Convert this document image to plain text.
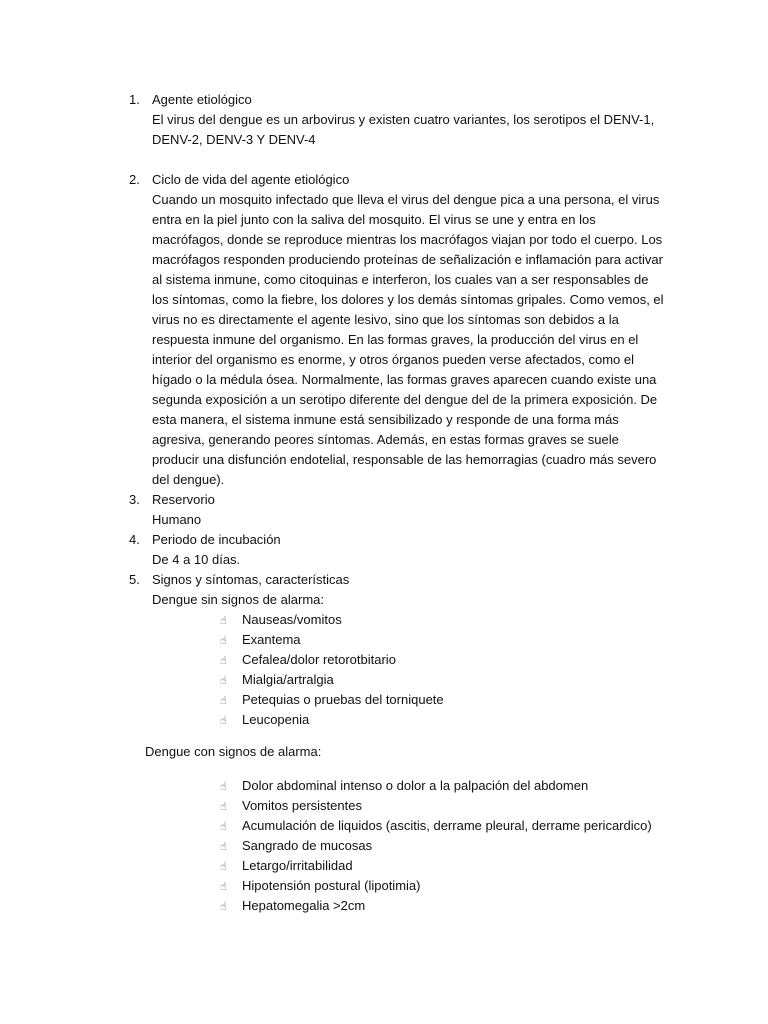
1. Agente etiológico
El virus del dengue es un arbovirus y existen cuatro variantes, los serotipos el DENV-1, DENV-2, DENV-3 Y DENV-4
2. Ciclo de vida del agente etiológico
Cuando un mosquito infectado que lleva el virus del dengue pica a una persona, el virus entra en la piel junto con la saliva del mosquito. El virus se une y entra en los macrófagos, donde se reproduce mientras los macrófagos viajan por todo el cuerpo. Los macrófagos responden produciendo proteínas de señalización e inflamación para activar al sistema inmune, como citoquinas e interferon, los cuales van a ser responsables de los síntomas, como la fiebre, los dolores y los demás síntomas gripales. Como vemos, el virus no es directamente el agente lesivo, sino que los síntomas son debidos a la respuesta inmune del organismo. En las formas graves, la producción del virus en el interior del organismo es enorme, y otros órganos pueden verse afectados, como el hígado o la médula ósea. Normalmente, las formas graves aparecen cuando existe una segunda exposición a un serotipo diferente del dengue del de la primera exposición. De esta manera, el sistema inmune está sensibilizado y responde de una forma más agresiva, generando peores síntomas. Además, en estas formas graves se suele producir una disfunción endotelial, responsable de las hemorragias (cuadro más severo del dengue).
3. Reservorio
Humano
4. Periodo de incubación
De 4 a 10 días.
5. Signos y síntomas, características
Dengue sin signos de alarma:
☝ Nauseas/vomitos
☝ Exantema
☝ Cefalea/dolor retorotbitario
☝ Mialgia/artralgia
☝ Petequias o pruebas del torniquete
☝ Leucopenia
Dengue con signos de alarma:
☝ Dolor abdominal intenso o dolor a la palpación del abdomen
☝ Vomitos persistentes
☝ Acumulación de liquidos (ascitis, derrame pleural, derrame pericardico)
☝ Sangrado de mucosas
☝ Letargo/irritabilidad
☝ Hipotensión postural (lipotimia)
☝ Hepatomegalia >2cm
